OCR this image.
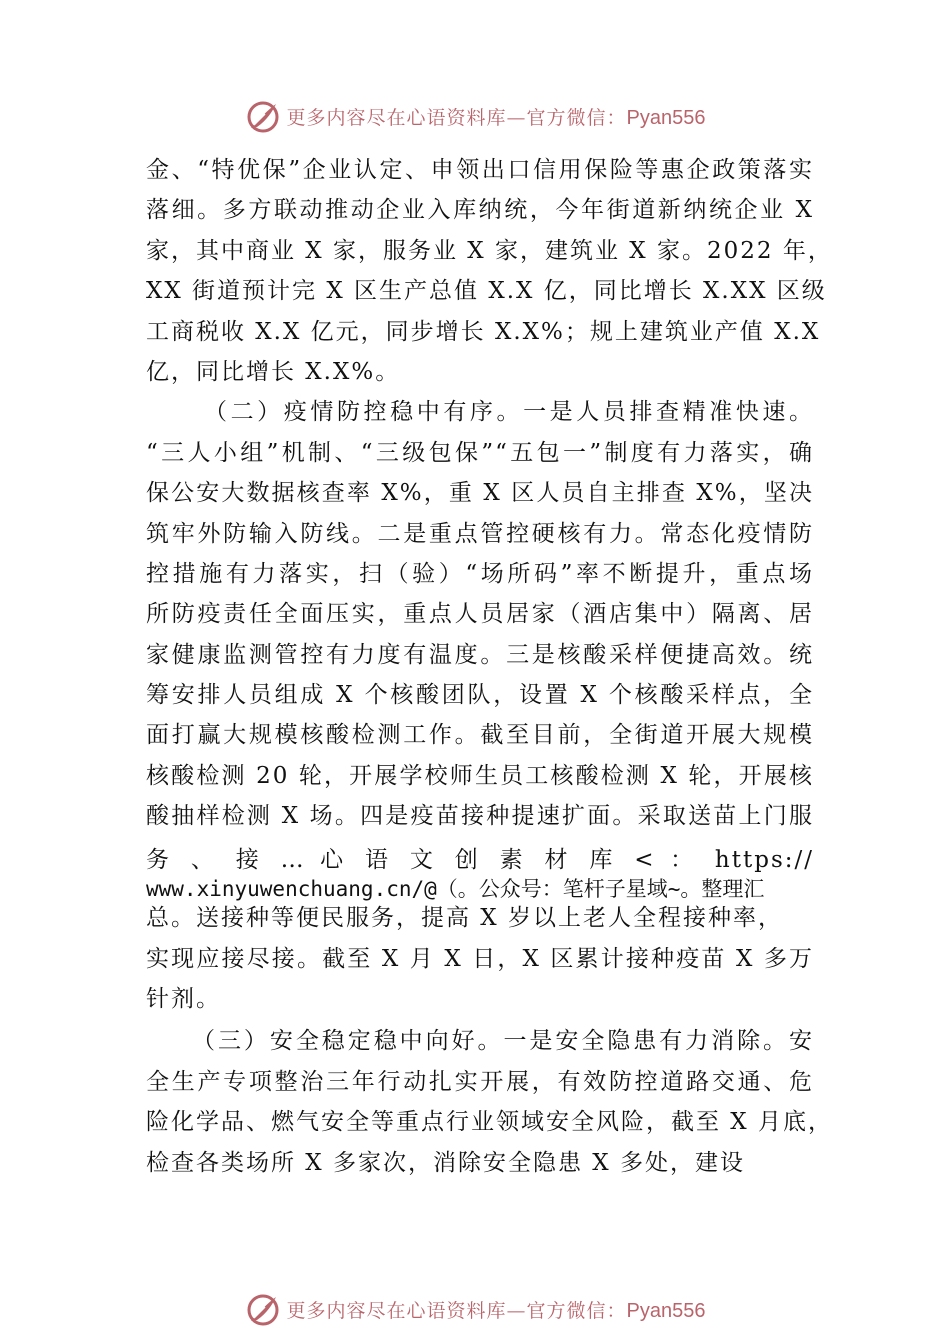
更多内容尽在心语资料库—官方微信：Pyan556
金、“特优保”企业认定、申领出口信用保险等惠企政策落实
落细。多方联动推动企业入库纳统，今年街道新纳统企业 X
家，其中商业 X 家，服务业 X 家，建筑业 X 家。2022 年，
XX 街道预计完 X 区生产总值 X.X 亿，同比增长 X.XX 区级
工商税收 X.X 亿元，同步增长 X.X%；规上建筑业产值 X.X
亿，同比增长 X.X%。
（二）疫情防控稳中有序。一是人员排查精准快速。
“三人小组”机制、“三级包保”“五包一”制度有力落实，确
保公安大数据核查率 X%，重 X 区人员自主排查 X%，坚决
筑牢外防输入防线。二是重点管控硬核有力。常态化疫情防
控措施有力落实，扫（验）“场所码”率不断提升，重点场
所防疫责任全面压实，重点人员居家（酒店集中）隔离、居
家健康监测管控有力度有温度。三是核酸采样便捷高效。统
筹安排人员组成 X 个核酸团队，设置 X 个核酸采样点，全
面打赢大规模核酸检测工作。截至目前，全街道开展大规模
核酸检测 20 轮，开展学校师生员工核酸检测 X 轮，开展核
酸抽样检测 X 场。四是疫苗接种提速扩面。采取送苗上门服
务 、 接 … 心 语 文 创 素 材 库 < ： https://
www.xinyuwenchuang.cn/@（。公众号：笔杆子星域~。整理汇
总。送接种等便民服务，提高 X 岁以上老人全程接种率，
实现应接尽接。截至 X 月 X 日，X 区累计接种疫苗 X 多万
针剂。
（三）安全稳定稳中向好。一是安全隐患有力消除。安
全生产专项整治三年行动扎实开展，有效防控道路交通、危
险化学品、燃气安全等重点行业领域安全风险，截至 X 月底，
检查各类场所 X 多家次，消除安全隐患 X 多处，建设
更多内容尽在心语资料库—官方微信：Pyan556
